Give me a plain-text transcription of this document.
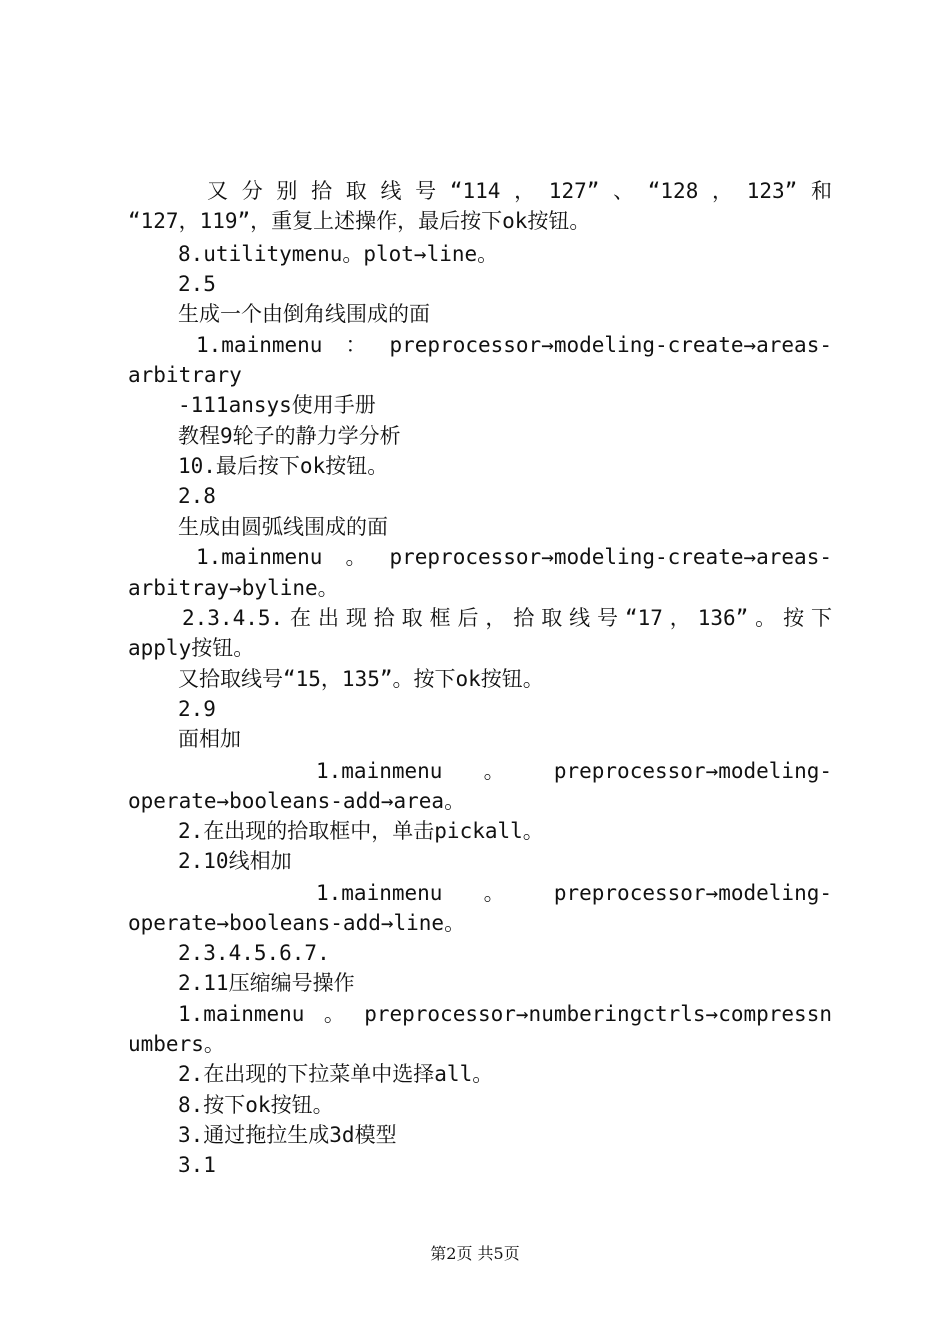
又分别拾取线号“114，127”、“128，123”和
“127，119”，重复上述操作，最后按下ok按钮。
8.utilitymenu。plot→line。
2.5
生成一个由倒角线围成的面
1.mainmenu：preprocessor→modeling-create→areas-
arbitrary
-111ansys使用手册
教程9轮子的静力学分析
10.最后按下ok按钮。
2.8
生成由圆弧线围成的面
1.mainmenu。preprocessor→modeling-create→areas-
arbitray→byline。
2.3.4.5.在出现拾取框后，拾取线号“17，136”。按下
apply按钮。
又拾取线号“15，135”。按下ok按钮。
2.9
面相加
1.mainmenu  。  preprocessor→modeling-
operate→booleans-add→area。
2.在出现的拾取框中，单击pickall。
2.10线相加
1.mainmenu  。  preprocessor→modeling-
operate→booleans-add→line。
2.3.4.5.6.7.
2.11压缩编号操作
1.mainmenu。preprocessor→numberingctrls→compressn
umbers。
2.在出现的下拉菜单中选择all。
8.按下ok按钮。
3.通过拖拉生成3d模型
3.1
第2页 共5页
